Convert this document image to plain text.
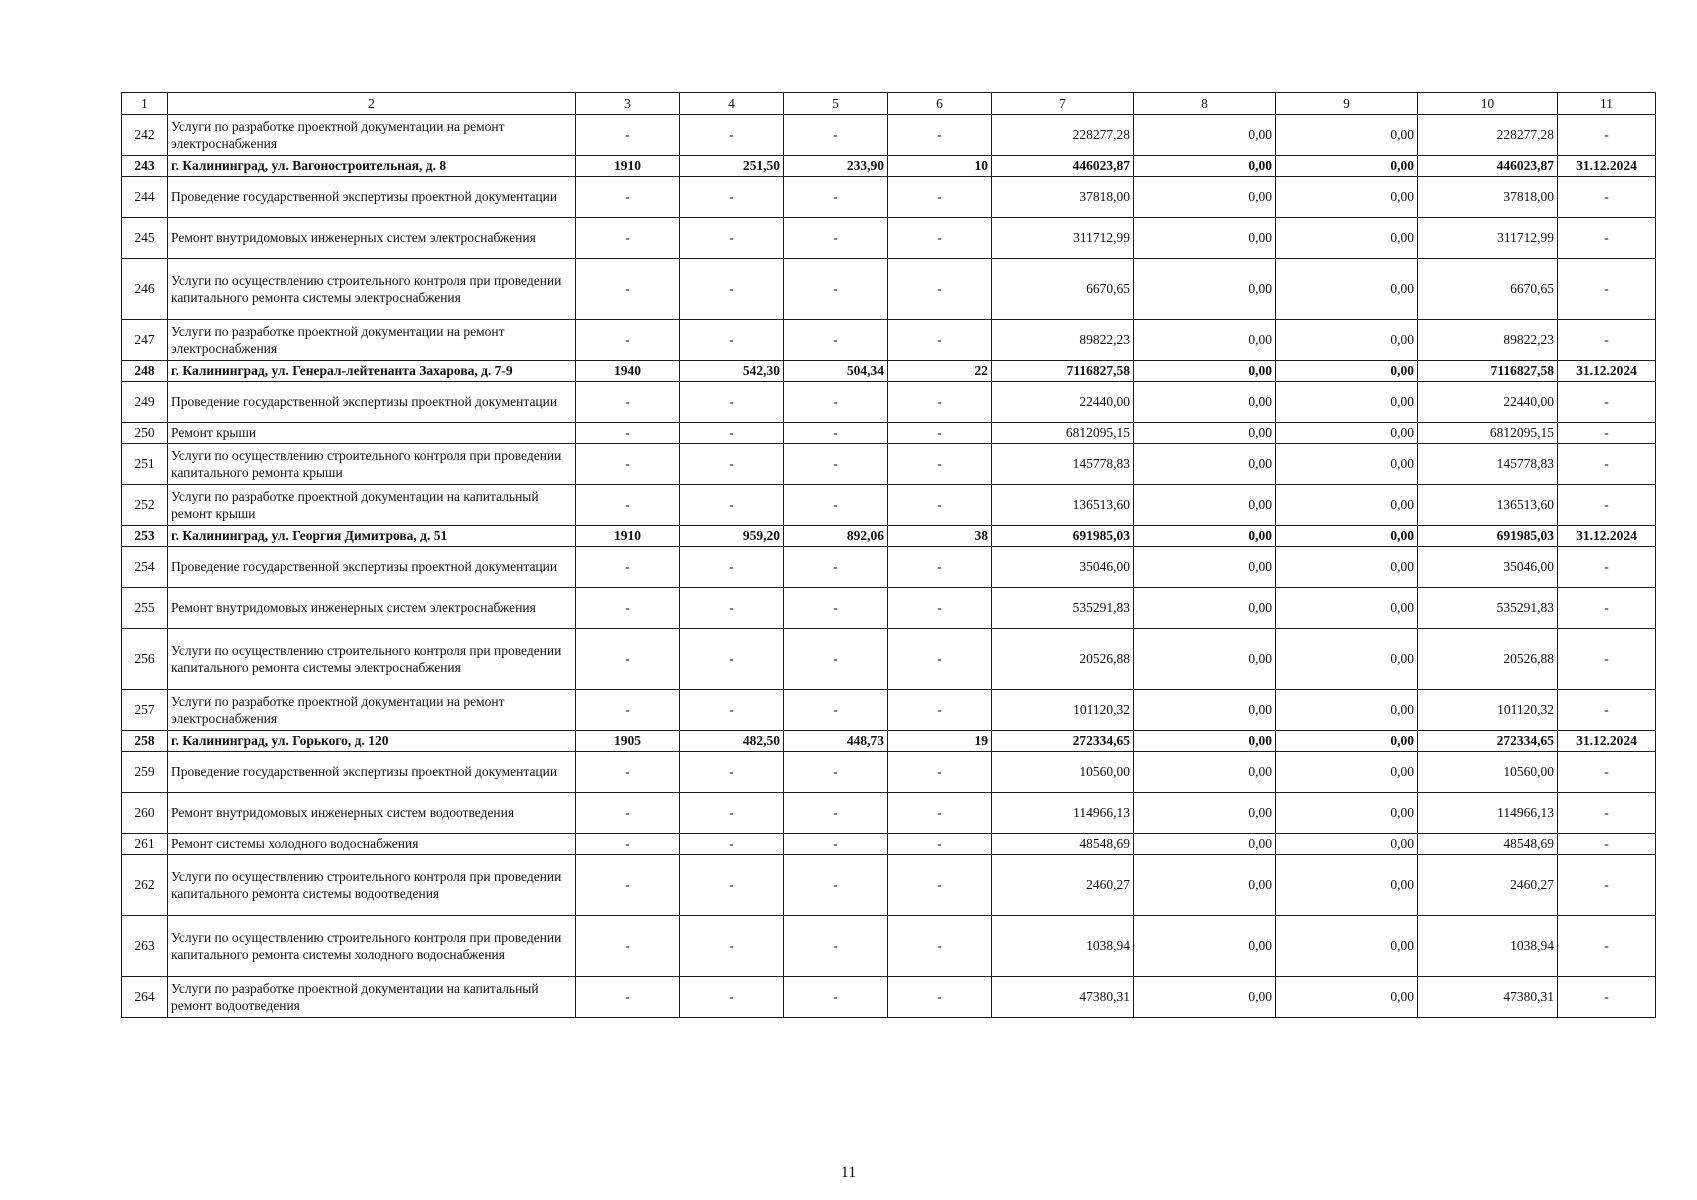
1	2	3	4	5	6	7	8	9	10	11
242	Услуги по разработке проектной документации на ремонт электроснабжения	-	-	-	-	228277,28	0,00	0,00	228277,28	-
243	г. Калининград, ул. Вагоностроительная, д. 8	1910	251,50	233,90	10	446023,87	0,00	0,00	446023,87	31.12.2024
244	Проведение государственной экспертизы проектной документации	-	-	-	-	37818,00	0,00	0,00	37818,00	-
245	Ремонт внутридомовых инженерных систем электроснабжения	-	-	-	-	311712,99	0,00	0,00	311712,99	-
246	Услуги по осуществлению строительного контроля при проведении капитального ремонта системы электроснабжения	-	-	-	-	6670,65	0,00	0,00	6670,65	-
247	Услуги по разработке проектной документации на ремонт электроснабжения	-	-	-	-	89822,23	0,00	0,00	89822,23	-
248	г. Калининград, ул. Генерал-лейтенанта Захарова, д. 7-9	1940	542,30	504,34	22	7116827,58	0,00	0,00	7116827,58	31.12.2024
249	Проведение государственной экспертизы проектной документации	-	-	-	-	22440,00	0,00	0,00	22440,00	-
250	Ремонт крыши	-	-	-	-	6812095,15	0,00	0,00	6812095,15	-
251	Услуги по осуществлению строительного контроля при проведении капитального ремонта крыши	-	-	-	-	145778,83	0,00	0,00	145778,83	-
252	Услуги по разработке проектной документации на капитальный ремонт крыши	-	-	-	-	136513,60	0,00	0,00	136513,60	-
253	г. Калининград, ул. Георгия Димитрова, д. 51	1910	959,20	892,06	38	691985,03	0,00	0,00	691985,03	31.12.2024
254	Проведение государственной экспертизы проектной документации	-	-	-	-	35046,00	0,00	0,00	35046,00	-
255	Ремонт внутридомовых инженерных систем электроснабжения	-	-	-	-	535291,83	0,00	0,00	535291,83	-
256	Услуги по осуществлению строительного контроля при проведении капитального ремонта системы электроснабжения	-	-	-	-	20526,88	0,00	0,00	20526,88	-
257	Услуги по разработке проектной документации на ремонт электроснабжения	-	-	-	-	101120,32	0,00	0,00	101120,32	-
258	г. Калининград, ул. Горького, д. 120	1905	482,50	448,73	19	272334,65	0,00	0,00	272334,65	31.12.2024
259	Проведение государственной экспертизы проектной документации	-	-	-	-	10560,00	0,00	0,00	10560,00	-
260	Ремонт внутридомовых инженерных систем водоотведения	-	-	-	-	114966,13	0,00	0,00	114966,13	-
261	Ремонт системы холодного водоснабжения	-	-	-	-	48548,69	0,00	0,00	48548,69	-
262	Услуги по осуществлению строительного контроля при проведении капитального ремонта системы водоотведения	-	-	-	-	2460,27	0,00	0,00	2460,27	-
263	Услуги по осуществлению строительного контроля при проведении капитального ремонта системы холодного водоснабжения	-	-	-	-	1038,94	0,00	0,00	1038,94	-
264	Услуги по разработке проектной документации на капитальный ремонт водоотведения	-	-	-	-	47380,31	0,00	0,00	47380,31	-
11
